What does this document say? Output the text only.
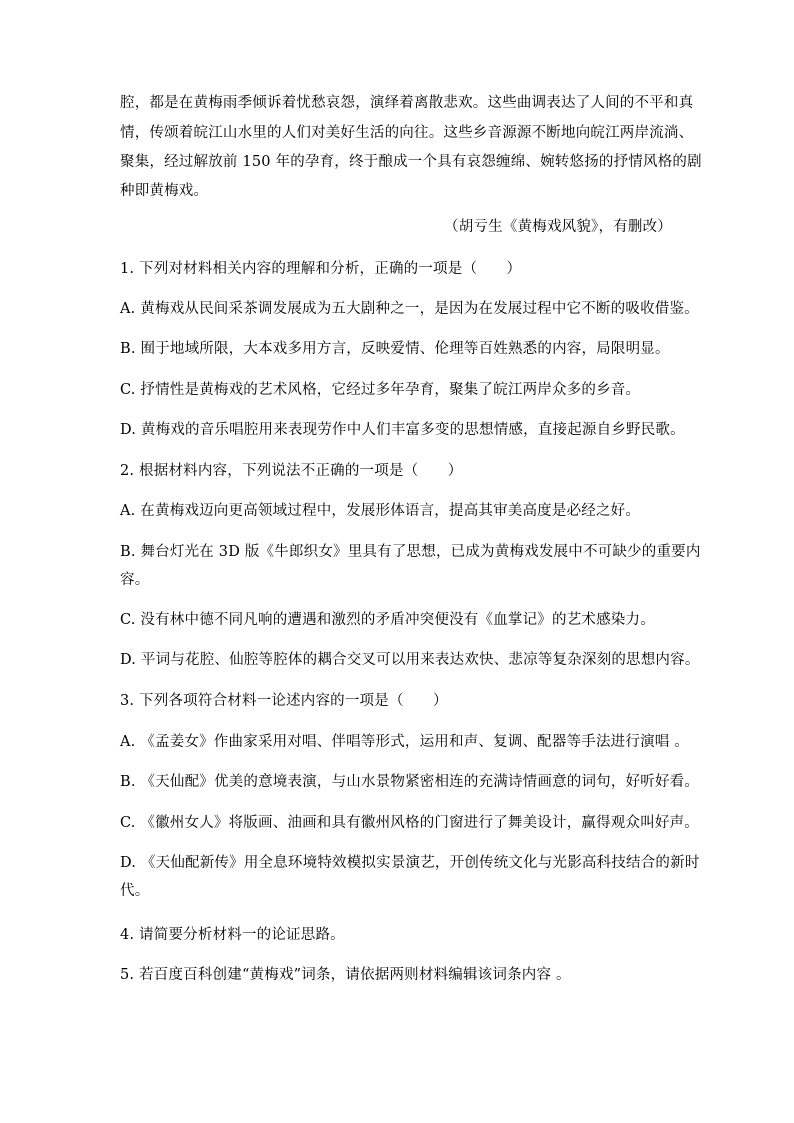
腔，都是在黄梅雨季倾诉着忧愁哀怨，演绎着离散悲欢。这些曲调表达了人间的不平和真
情，传颂着皖江山水里的人们对美好生活的向往。这些乡音源源不断地向皖江两岸流淌、
聚集，经过解放前 150 年的孕育，终于酿成一个具有哀怨缠绵、婉转悠扬的抒情风格的剧
种即黄梅戏。
（胡亏生《黄梅戏风貌》，有删改）
1. 下列对材料相关内容的理解和分析，正确的一项是（　　）
A. 黄梅戏从民间采茶调发展成为五大剧种之一，是因为在发展过程中它不断的吸收借鉴。
B. 囿于地域所限，大本戏多用方言，反映爱情、伦理等百姓熟悉的内容，局限明显。
C. 抒情性是黄梅戏的艺术风格，它经过多年孕育，聚集了皖江两岸众多的乡音。
D. 黄梅戏的音乐唱腔用来表现劳作中人们丰富多变的思想情感，直接起源自乡野民歌。
2. 根据材料内容，下列说法不正确的一项是（　　）
A. 在黄梅戏迈向更高领域过程中，发展形体语言，提高其审美高度是必经之好。
B. 舞台灯光在 3D 版《牛郎织女》里具有了思想，已成为黄梅戏发展中不可缺少的重要内
容。
C. 没有林中德不同凡响的遭遇和激烈的矛盾冲突便没有《血掌记》的艺术感染力。
D. 平词与花腔、仙腔等腔体的耦合交叉可以用来表达欢快、悲凉等复杂深刻的思想内容。
3. 下列各项符合材料一论述内容的一项是（　　）
A. 《孟姜女》作曲家采用对唱、伴唱等形式，运用和声、复调、配器等手法进行演唱 。
B. 《天仙配》优美的意境表演，与山水景物紧密相连的充满诗情画意的词句，好听好看。
C. 《徽州女人》将版画、油画和具有徽州风格的门窗进行了舞美设计，赢得观众叫好声。
D. 《天仙配新传》用全息环境特效模拟实景演艺，开创传统文化与光影高科技结合的新时
代。
4. 请简要分析材料一的论证思路。
5. 若百度百科创建“黄梅戏”词条，请依据两则材料编辑该词条内容 。
